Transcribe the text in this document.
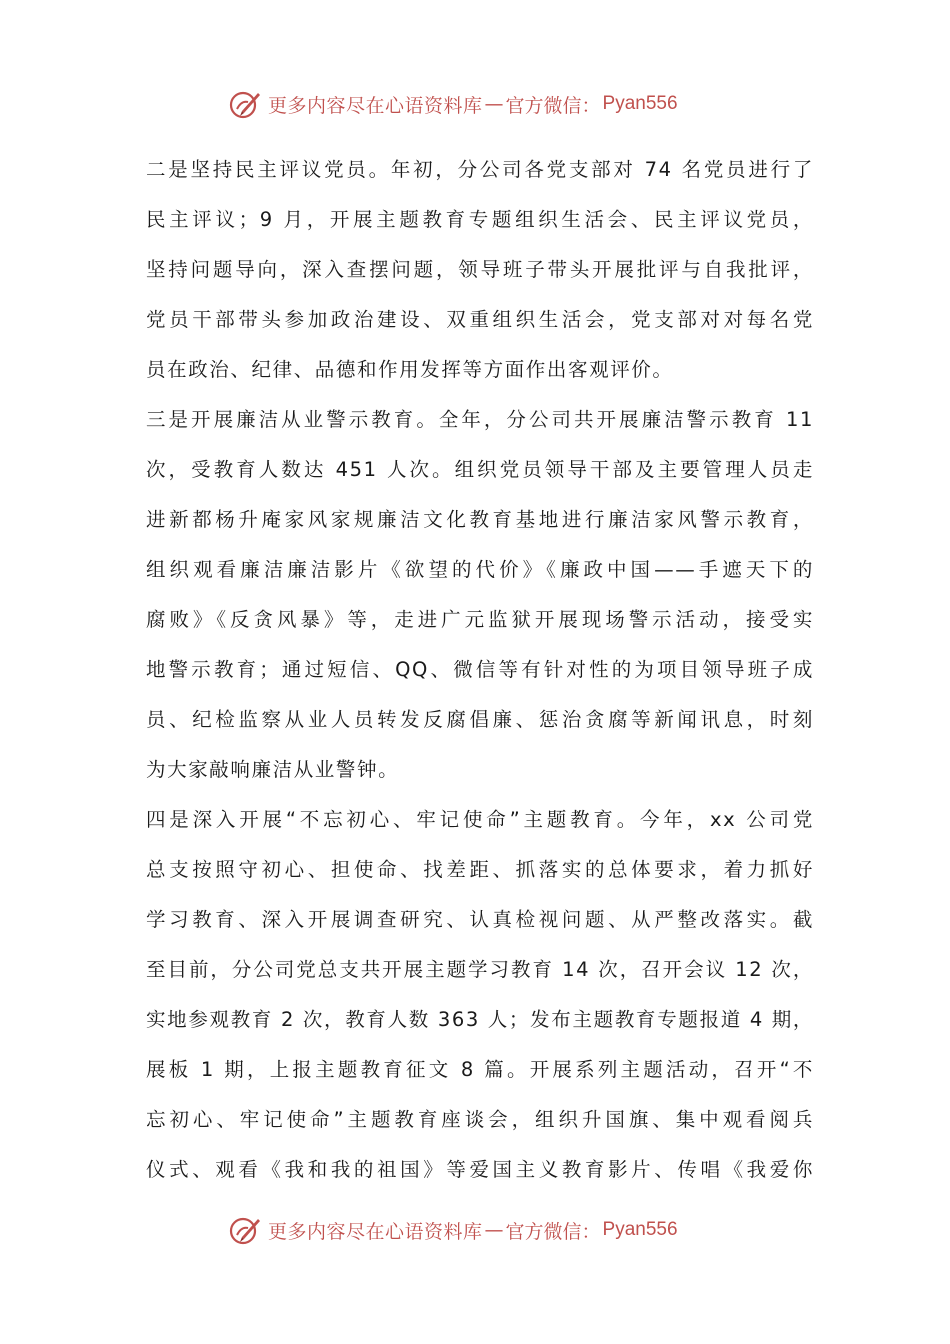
更多内容尽在心语资料库 — 官方微信： Pyan556
二是坚持民主评议党员。年初，分公司各党支部对 74 名党员进行了
民主评议；9 月，开展主题教育专题组织生活会、民主评议党员，
坚持问题导向，深入查摆问题，领导班子带头开展批评与自我批评，
党员干部带头参加政治建设、双重组织生活会，党支部对对每名党
员在政治、纪律、品德和作用发挥等方面作出客观评价。
三是开展廉洁从业警示教育。全年，分公司共开展廉洁警示教育 11
次，受教育人数达 451 人次。组织党员领导干部及主要管理人员走
进新都杨升庵家风家规廉洁文化教育基地进行廉洁家风警示教育，
组织观看廉洁廉洁影片《欲望的代价》《廉政中国——手遮天下的
腐败》《反贪风暴》等，走进广元监狱开展现场警示活动，接受实
地警示教育；通过短信、QQ、微信等有针对性的为项目领导班子成
员、纪检监察从业人员转发反腐倡廉、惩治贪腐等新闻讯息，时刻
为大家敲响廉洁从业警钟。
四是深入开展“不忘初心、牢记使命”主题教育。今年，xx 公司党
总支按照守初心、担使命、找差距、抓落实的总体要求，着力抓好
学习教育、深入开展调查研究、认真检视问题、从严整改落实。截
至目前，分公司党总支共开展主题学习教育 14 次，召开会议 12 次，
实地参观教育 2 次，教育人数 363 人；发布主题教育专题报道 4 期，
展板 1 期，上报主题教育征文 8 篇。开展系列主题活动，召开“不
忘初心、牢记使命”主题教育座谈会，组织升国旗、集中观看阅兵
仪式、观看《我和我的祖国》等爱国主义教育影片、传唱《我爱你
更多内容尽在心语资料库 — 官方微信： Pyan556
